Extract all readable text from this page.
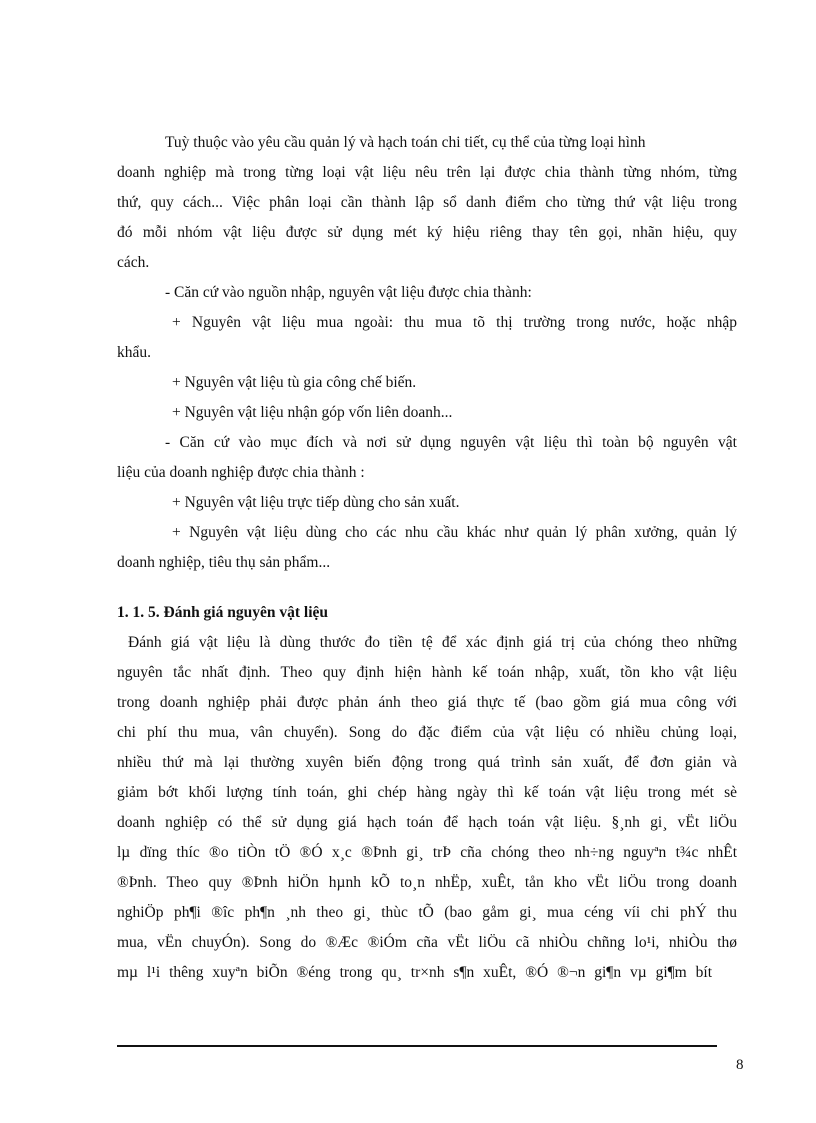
Tuỳ thuộc vào yêu cầu quản lý và hạch toán chi tiết, cụ thể của từng loại hình
doanh nghiệp mà trong từng loại vật liệu nêu trên lại được chia thành từng nhóm, từng
thứ, quy cách... Việc phân loại cần thành lập sổ danh điểm cho từng thứ vật liệu trong
đó mỗi nhóm vật liệu được sử dụng mét ký hiệu riêng thay tên gọi, nhãn hiệu, quy
cách.
- Căn cứ vào nguồn nhập, nguyên vật liệu được chia thành:
+ Nguyên vật liệu mua ngoài: thu mua tõ thị trường trong nước, hoặc nhập
khẩu.
+ Nguyên vật liệu tù gia công chế biến.
+ Nguyên vật liệu nhận góp vốn liên doanh...
- Căn cứ vào mục đích và nơi sử dụng nguyên vật liệu thì toàn bộ nguyên vật
liệu của doanh nghiệp được chia thành :
+ Nguyên vật liệu trực tiếp dùng cho sản xuất.
+ Nguyên vật liệu dùng cho các nhu cầu khác như quản lý phân xưởng, quản lý
doanh nghiệp, tiêu thụ sản phẩm...
1. 1. 5. Đánh giá nguyên vật liệu
Đánh giá vật liệu là dùng thước đo tiền tệ để xác định giá trị của chóng theo những
nguyên tắc nhất định. Theo quy định hiện hành kế toán nhập, xuất, tồn kho vật liệu
trong doanh nghiệp phải được phản ánh theo giá thực tế (bao gồm giá mua công với
chi phí thu mua, vân chuyển). Song do đặc điểm của vật liệu có nhiều chủng loại,
nhiều thứ mà lại thường xuyên biến động trong quá trình sản xuất, để đơn giản và
giảm bớt khối lượng tính toán, ghi chép hàng ngày thì kế toán vật liệu trong mét sè
doanh nghiệp có thể sử dụng giá hạch toán để hạch toán vật liệu. §¸nh gi¸ vËt liÖu
lµ dïng thíc ®o tiÒn tÖ ®Ó x¸c ®Þnh gi¸ trÞ cña chóng theo nh÷ng nguyªn t¾c nhÊt
®Þnh. Theo quy ®Þnh hiÖn hµnh kÕ to¸n nhËp, xuÊt, tån kho vËt liÖu trong doanh
nghiÖp ph¶i ®îc ph¶n ¸nh theo gi¸ thùc tÕ (bao gåm gi¸ mua céng víi chi phÝ thu
mua, vËn chuyÓn). Song do ®Æc ®iÓm cña vËt liÖu cã nhiÒu chñng lo¹i, nhiÒu thø
mµ l¹i thêng xuyªn biÕn ®éng trong qu¸ tr×nh s¶n xuÊt, ®Ó ®¬n gi¶n vµ gi¶m bít
8
